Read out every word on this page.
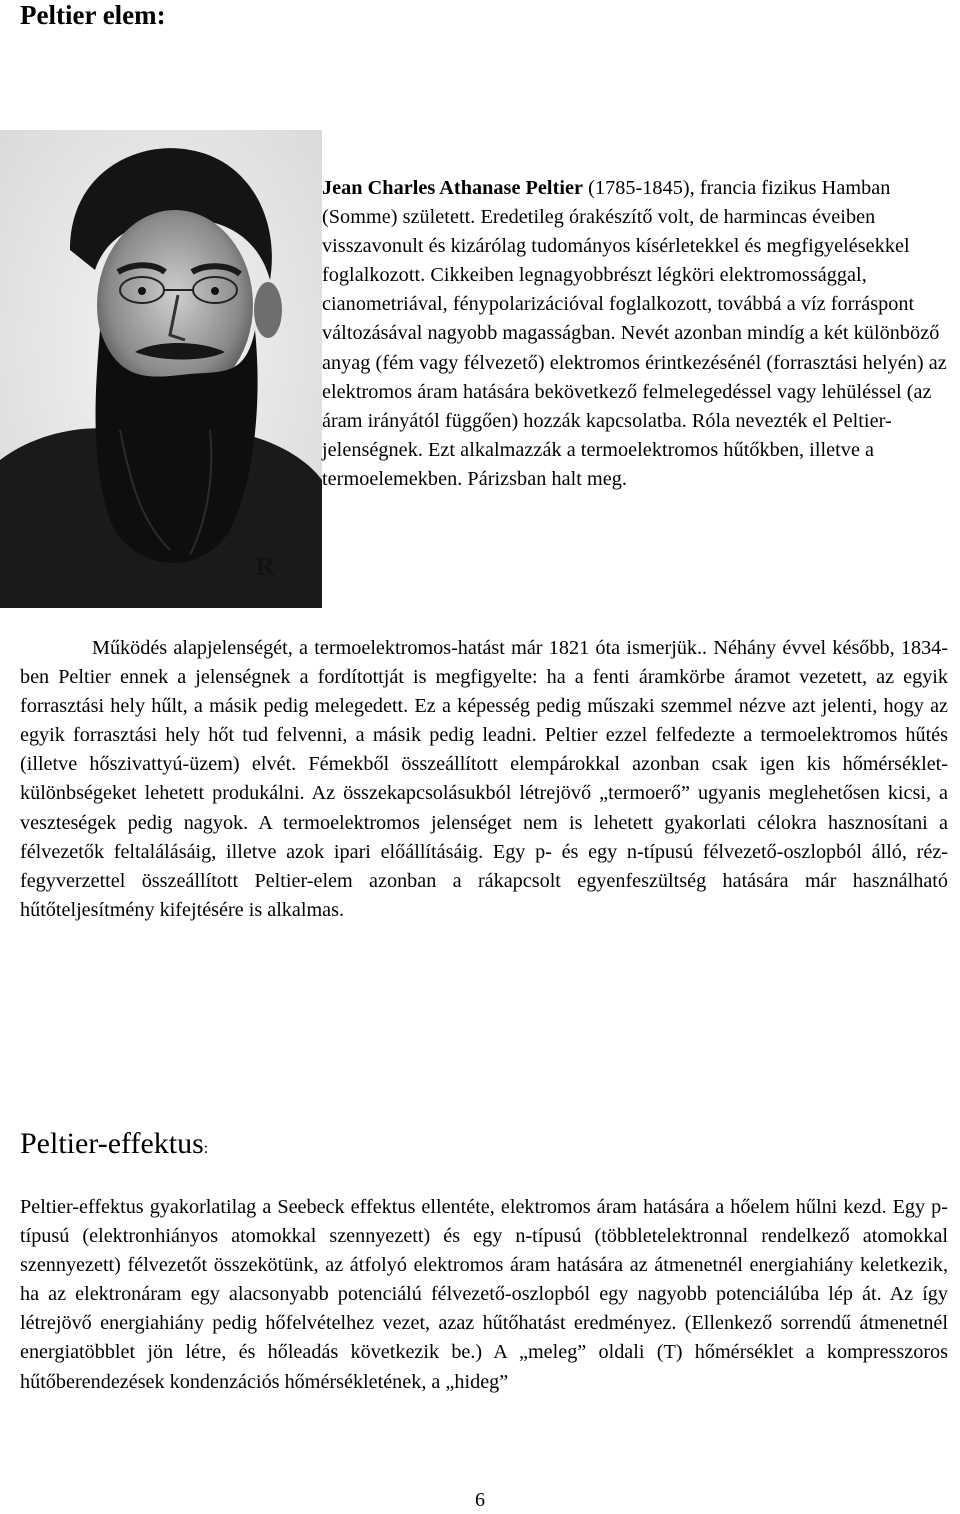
Peltier elem:
R

Jean Charles Athanase Peltier (1785-1845), francia fizikus Hamban (Somme) született. Eredetileg órakészítő volt, de harmincas éveiben visszavonult és kizárólag tudományos kísérletekkel és megfigyelésekkel foglalkozott. Cikkeiben legnagyobbrészt légköri elektromossággal, cianometriával, fénypolarizációval foglalkozott, továbbá a víz forráspont változásával nagyobb magasságban. Nevét azonban mindíg a két különböző anyag (fém vagy félvezető) elektromos érintkezésénél (forrasztási helyén) az elektromos áram hatására bekövetkező felmelegedéssel vagy lehüléssel (az áram irányától függően) hozzák kapcsolatba. Róla nevezték el Peltier-jelenségnek. Ezt alkalmazzák a termoelektromos hűtőkben, illetve a termoelemekben. Párizsban halt meg.

Működés alapjelenségét, a termoelektromos-hatást már 1821 óta ismerjük.. Néhány évvel később, 1834-ben Peltier ennek a jelenségnek a fordítottját is megfigyelte: ha a fenti áramkörbe áramot vezetett, az egyik forrasztási hely hűlt, a másik pedig melegedett. Ez a képesség pedig műszaki szemmel nézve azt jelenti, hogy az egyik forrasztási hely hőt tud felvenni, a másik pedig leadni. Peltier ezzel felfedezte a termoelektromos hűtés (illetve hőszivattyú-üzem) elvét. Fémekből összeállított elempárokkal azonban csak igen kis hőmérséklet-különbségeket lehetett produkálni. Az összekapcsolásukból létrejövő „termoerő” ugyanis meglehetősen kicsi, a veszteségek pedig nagyok. A termoelektromos jelenséget nem is lehetett gyakorlati célokra hasznosítani a félvezetők feltalálásáig, illetve azok ipari előállításáig. Egy p- és egy n-típusú félvezető-oszlopból álló, réz-fegyverzettel összeállított Peltier-elem azonban a rákapcsolt egyenfeszültség hatására már használható hűtőteljesítmény kifejtésére is alkalmas.

Peltier-effektus:

Peltier-effektus gyakorlatilag a Seebeck effektus ellentéte, elektromos áram hatására a hőelem hűlni kezd. Egy p-típusú (elektronhiányos atomokkal szennyezett) és egy n-típusú (többletelektronnal rendelkező atomokkal szennyezett) félvezetőt összekötünk, az átfolyó elektromos áram hatására az átmenetnél energiahiány keletkezik, ha az elektronáram egy alacsonyabb potenciálú félvezető-oszlopból egy nagyobb potenciálúba lép át. Az így létrejövő energiahiány pedig hőfelvételhez vezet, azaz hűtőhatást eredményez. (Ellenkező sorrendű átmenetnél energiatöbblet jön létre, és hőleadás következik be.) A „meleg” oldali (T) hőmérséklet a kompresszoros hűtőberendezések kondenzációs hőmérsékletének, a „hideg”

6
